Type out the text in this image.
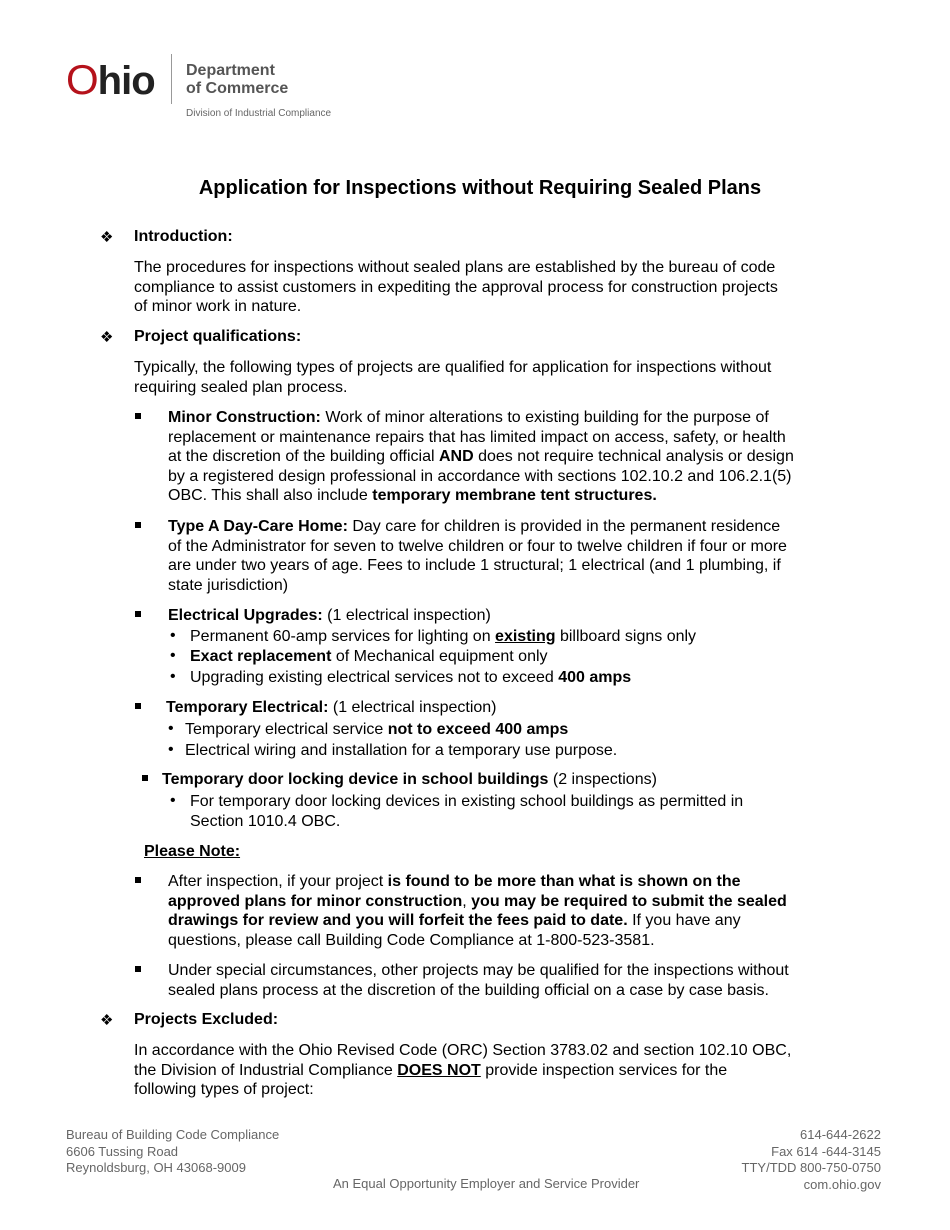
Ohio Department
of Commerce
Division of Industrial Compliance
Application for Inspections without Requiring Sealed Plans
❖ Introduction:
The procedures for inspections without sealed plans are established by the bureau of code
compliance to assist customers in expediting the approval process for construction projects
of minor work in nature.
❖ Project qualifications:
Typically, the following types of projects are qualified for application for inspections without
requiring sealed plan process.
Minor Construction: Work of minor alterations to existing building for the purpose of
replacement or maintenance repairs that has limited impact on access, safety, or health
at the discretion of the building official AND does not require technical analysis or design
by a registered design professional in accordance with sections 102.10.2 and 106.2.1(5)
OBC. This shall also include temporary membrane tent structures.
Type A Day-Care Home: Day care for children is provided in the permanent residence
of the Administrator for seven to twelve children or four to twelve children if four or more
are under two years of age. Fees to include 1 structural; 1 electrical (and 1 plumbing, if
state jurisdiction)
Electrical Upgrades: (1 electrical inspection)
• Permanent 60-amp services for lighting on existing billboard signs only
• Exact replacement of Mechanical equipment only
• Upgrading existing electrical services not to exceed 400 amps
Temporary Electrical: (1 electrical inspection)
• Temporary electrical service not to exceed 400 amps
• Electrical wiring and installation for a temporary use purpose.
Temporary door locking device in school buildings (2 inspections)
• For temporary door locking devices in existing school buildings as permitted in
Section 1010.4 OBC.
Please Note:
After inspection, if your project is found to be more than what is shown on the
approved plans for minor construction, you may be required to submit the sealed
drawings for review and you will forfeit the fees paid to date. If you have any
questions, please call Building Code Compliance at 1-800-523-3581.
Under special circumstances, other projects may be qualified for the inspections without
sealed plans process at the discretion of the building official on a case by case basis.
❖ Projects Excluded:
In accordance with the Ohio Revised Code (ORC) Section 3783.02 and section 102.10 OBC,
the Division of Industrial Compliance DOES NOT provide inspection services for the
following types of project:
Bureau of Building Code Compliance
6606 Tussing Road
Reynoldsburg, OH 43068-9009
An Equal Opportunity Employer and Service Provider
614-644-2622
Fax 614 -644-3145
TTY/TDD 800-750-0750
com.ohio.gov
